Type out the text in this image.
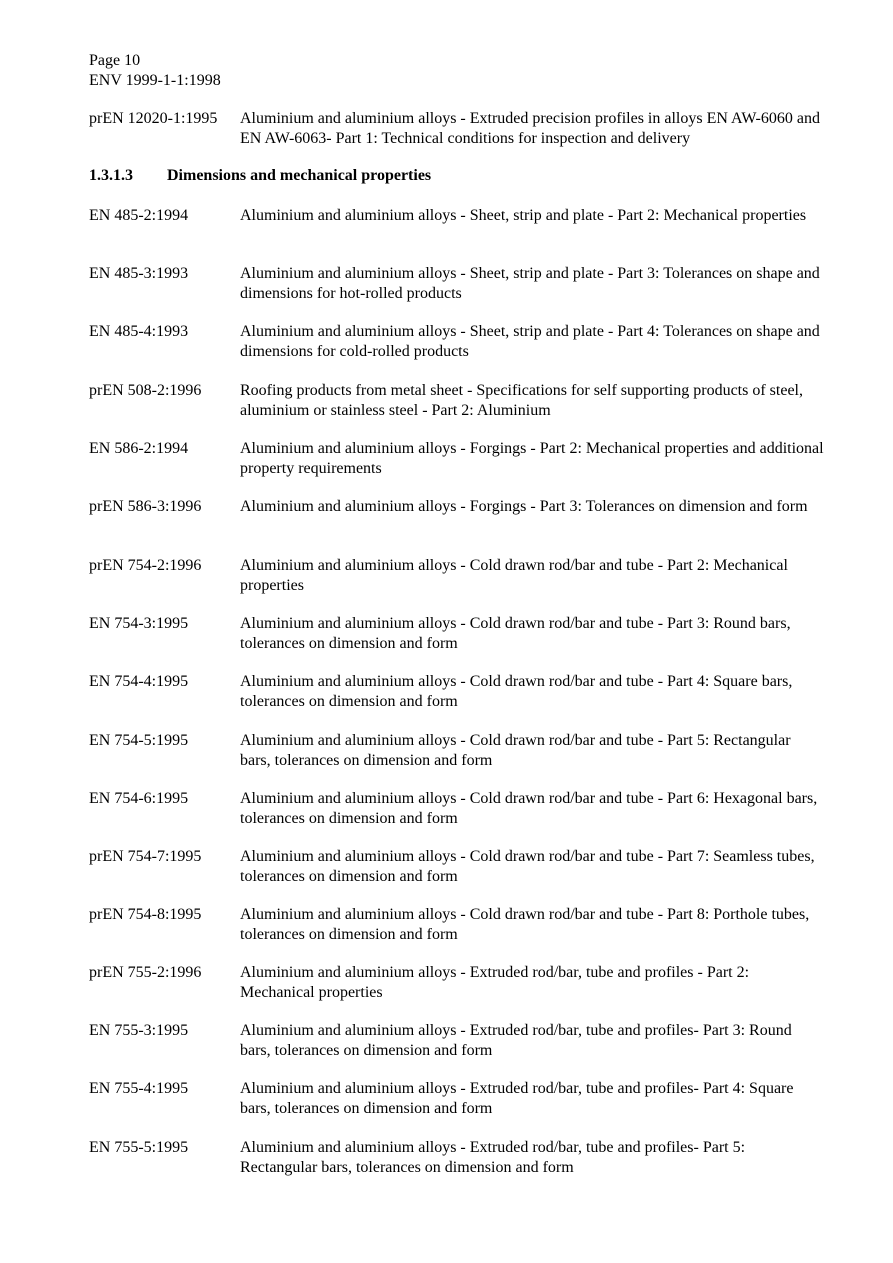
Page 10
ENV 1999-1-1:1998
prEN 12020-1:1995 Aluminium and aluminium alloys - Extruded precision profiles in alloys EN AW-6060 and EN AW-6063- Part 1: Technical conditions for inspection and delivery
1.3.1.3 Dimensions and mechanical properties
EN 485-2:1994	Aluminium and aluminium alloys - Sheet, strip and plate - Part 2: Mechanical properties
EN 485-3:1993	Aluminium and aluminium alloys - Sheet, strip and plate - Part 3: Tolerances on shape and dimensions for hot-rolled products
EN 485-4:1993	Aluminium and aluminium alloys - Sheet, strip and plate - Part 4: Tolerances on shape and dimensions for cold-rolled products
prEN 508-2:1996 Roofing products from metal sheet - Specifications for self supporting products of steel, aluminium or stainless steel - Part 2: Aluminium
EN 586-2:1994	Aluminium and aluminium alloys - Forgings - Part 2: Mechanical properties and additional property requirements
prEN 586-3:1996 Aluminium and aluminium alloys - Forgings - Part 3: Tolerances on dimension and form
prEN 754-2:1996 Aluminium and aluminium alloys - Cold drawn rod/bar and tube - Part 2: Mechanical properties
EN 754-3:1995	Aluminium and aluminium alloys - Cold drawn rod/bar and tube - Part 3: Round bars, tolerances on dimension and form
EN 754-4:1995	Aluminium and aluminium alloys - Cold drawn rod/bar and tube - Part 4: Square bars, tolerances on dimension and form
EN 754-5:1995	Aluminium and aluminium alloys - Cold drawn rod/bar and tube - Part 5: Rectangular bars, tolerances on dimension and form
EN 754-6:1995	Aluminium and aluminium alloys - Cold drawn rod/bar and tube - Part 6: Hexagonal bars, tolerances on dimension and form
prEN 754-7:1995 Aluminium and aluminium alloys - Cold drawn rod/bar and tube - Part 7: Seamless tubes, tolerances on dimension and form
prEN 754-8:1995 Aluminium and aluminium alloys - Cold drawn rod/bar and tube - Part 8: Porthole tubes, tolerances on dimension and form
prEN 755-2:1996 Aluminium and aluminium alloys - Extruded rod/bar, tube and profiles - Part 2: Mechanical properties
EN 755-3:1995	Aluminium and aluminium alloys - Extruded rod/bar, tube and profiles- Part 3: Round bars, tolerances on dimension and form
EN 755-4:1995	Aluminium and aluminium alloys - Extruded rod/bar, tube and profiles- Part 4: Square bars, tolerances on dimension and form
EN 755-5:1995	Aluminium and aluminium alloys - Extruded rod/bar, tube and profiles- Part 5: Rectangular bars, tolerances on dimension and form
